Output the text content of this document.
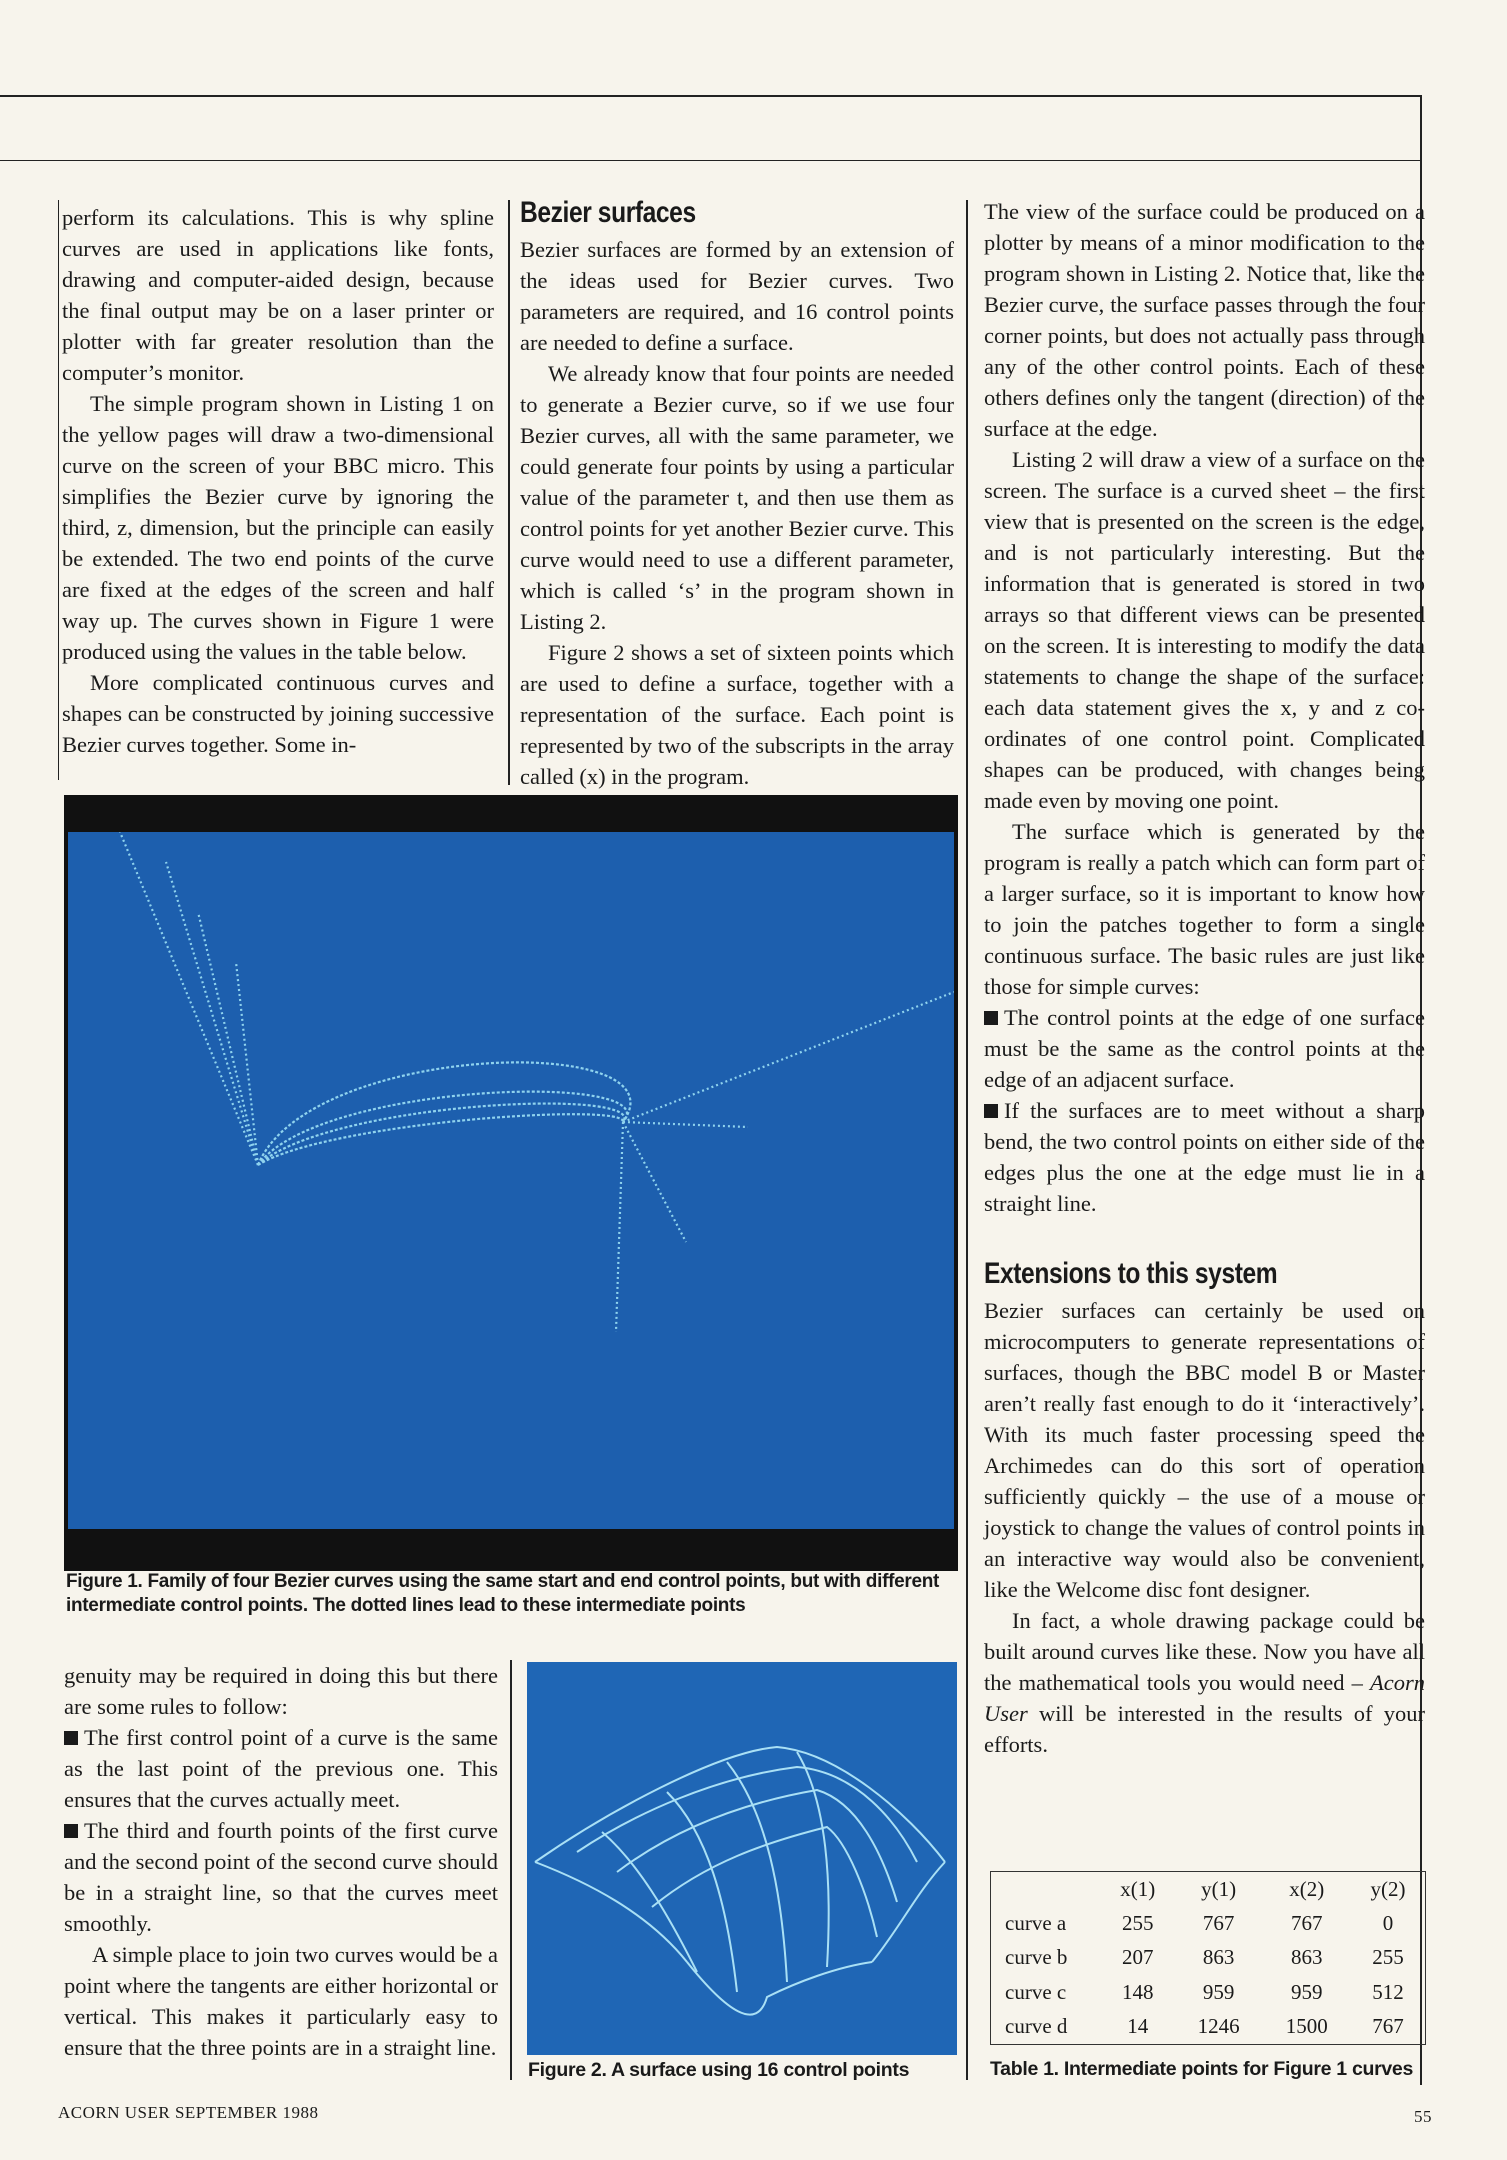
perform its calculations. This is why spline curves are used in applications like fonts, drawing and computer-aided design, because the final output may be on a laser printer or plotter with far greater resolution than the computer’s monitor.

The simple program shown in Listing 1 on the yellow pages will draw a two-dimensional curve on the screen of your BBC micro. This simplifies the Bezier curve by ignoring the third, z, dimension, but the principle can easily be extended. The two end points of the curve are fixed at the edges of the screen and half way up. The curves shown in Figure 1 were produced using the values in the table below.

More complicated continuous curves and shapes can be constructed by joining successive Bezier curves together. Some in-

Bezier surfaces

Bezier surfaces are formed by an extension of the ideas used for Bezier curves. Two parameters are required, and 16 control points are needed to define a surface.

We already know that four points are needed to generate a Bezier curve, so if we use four Bezier curves, all with the same parameter, we could generate four points by using a particular value of the parameter t, and then use them as control points for yet another Bezier curve. This curve would need to use a different parameter, which is called ‘s’ in the program shown in Listing 2.

Figure 2 shows a set of sixteen points which are used to define a surface, together with a representation of the surface. Each point is represented by two of the subscripts in the array called (x) in the program.

Figure 1. Family of four Bezier curves using the same start and end control points, but with different intermediate control points. The dotted lines lead to these intermediate points

genuity may be required in doing this but there are some rules to follow:

The first control point of a curve is the same as the last point of the previous one. This ensures that the curves actually meet.

The third and fourth points of the first curve and the second point of the second curve should be in a straight line, so that the curves meet smoothly.

A simple place to join two curves would be a point where the tangents are either horizontal or vertical. This makes it particularly easy to ensure that the three points are in a straight line.

Figure 2. A surface using 16 control points

The view of the surface could be produced on a plotter by means of a minor modification to the program shown in Listing 2. Notice that, like the Bezier curve, the surface passes through the four corner points, but does not actually pass through any of the other control points. Each of these others defines only the tangent (direction) of the surface at the edge.

Listing 2 will draw a view of a surface on the screen. The surface is a curved sheet – the first view that is presented on the screen is the edge, and is not particularly interesting. But the information that is generated is stored in two arrays so that different views can be presented on the screen. It is interesting to modify the data statements to change the shape of the surface: each data statement gives the x, y and z co-ordinates of one control point. Complicated shapes can be produced, with changes being made even by moving one point.

The surface which is generated by the program is really a patch which can form part of a larger surface, so it is important to know how to join the patches together to form a single continuous surface. The basic rules are just like those for simple curves:

The control points at the edge of one surface must be the same as the control points at the edge of an adjacent surface.

If the surfaces are to meet without a sharp bend, the two control points on either side of the edges plus the one at the edge must lie in a straight line.

Extensions to this system

Bezier surfaces can certainly be used on microcomputers to generate representations of surfaces, though the BBC model B or Master aren’t really fast enough to do it ‘interactively’. With its much faster processing speed the Archimedes can do this sort of operation sufficiently quickly – the use of a mouse or joystick to change the values of control points in an interactive way would also be convenient, like the Welcome disc font designer.

In fact, a whole drawing package could be built around curves like these. Now you have all the mathematical tools you would need – Acorn User will be interested in the results of your efforts.

	x(1)	y(1)	x(2)	y(2)
curve a	255	767	767	0
curve b	207	863	863	255
curve c	148	959	959	512
curve d	14	1246	1500	767
Table 1. Intermediate points for Figure 1 curves
ACORN USER SEPTEMBER 1988	55
